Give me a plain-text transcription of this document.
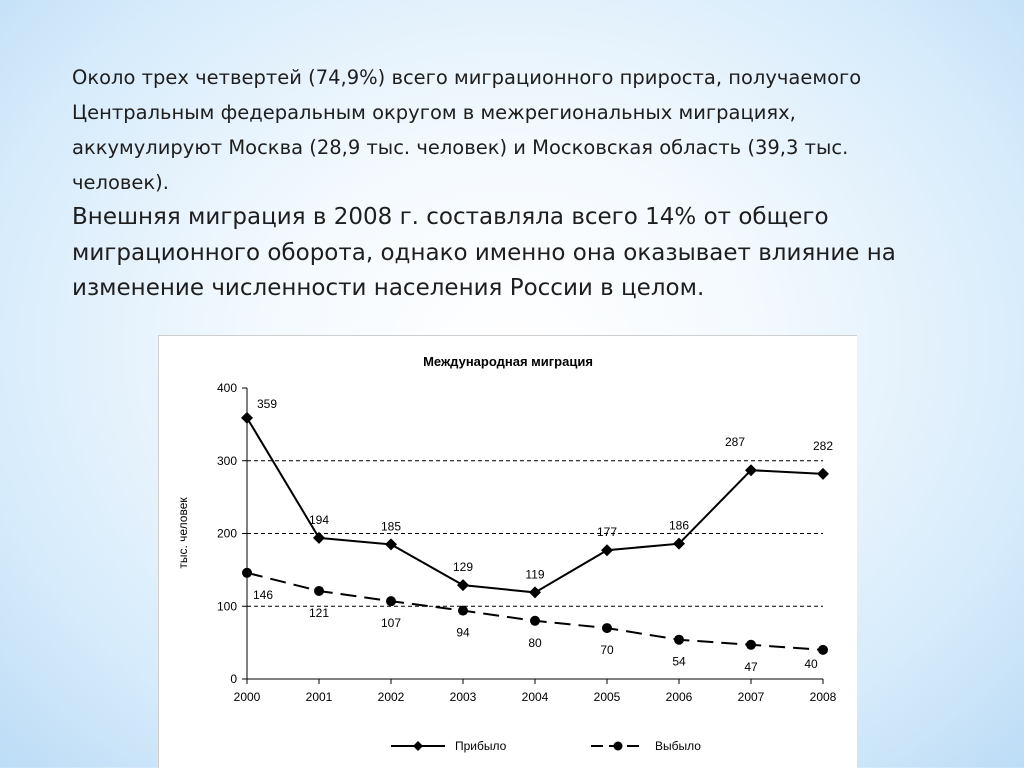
Около трех четвертей (74,9%) всего миграционного прироста, получаемого Центральным федеральным округом в межрегиональных миграциях, аккумулируют Москва (28,9 тыс. человек) и Московская область (39,3 тыс. человек).

Внешняя миграция в 2008 г. составляла всего 14% от общего миграционного оборота, однако именно она оказывает влияние на изменение численности населения России в целом.

Международная миграция
тыс. человек
0
100
200
300
400
2000	2001	2002	2003	2004	2005	2006	2007	2008
359
194	185
129
119
177	186
287	282
146
121
107
94
80
70
54	47	40
Прибыло	Выбыло
